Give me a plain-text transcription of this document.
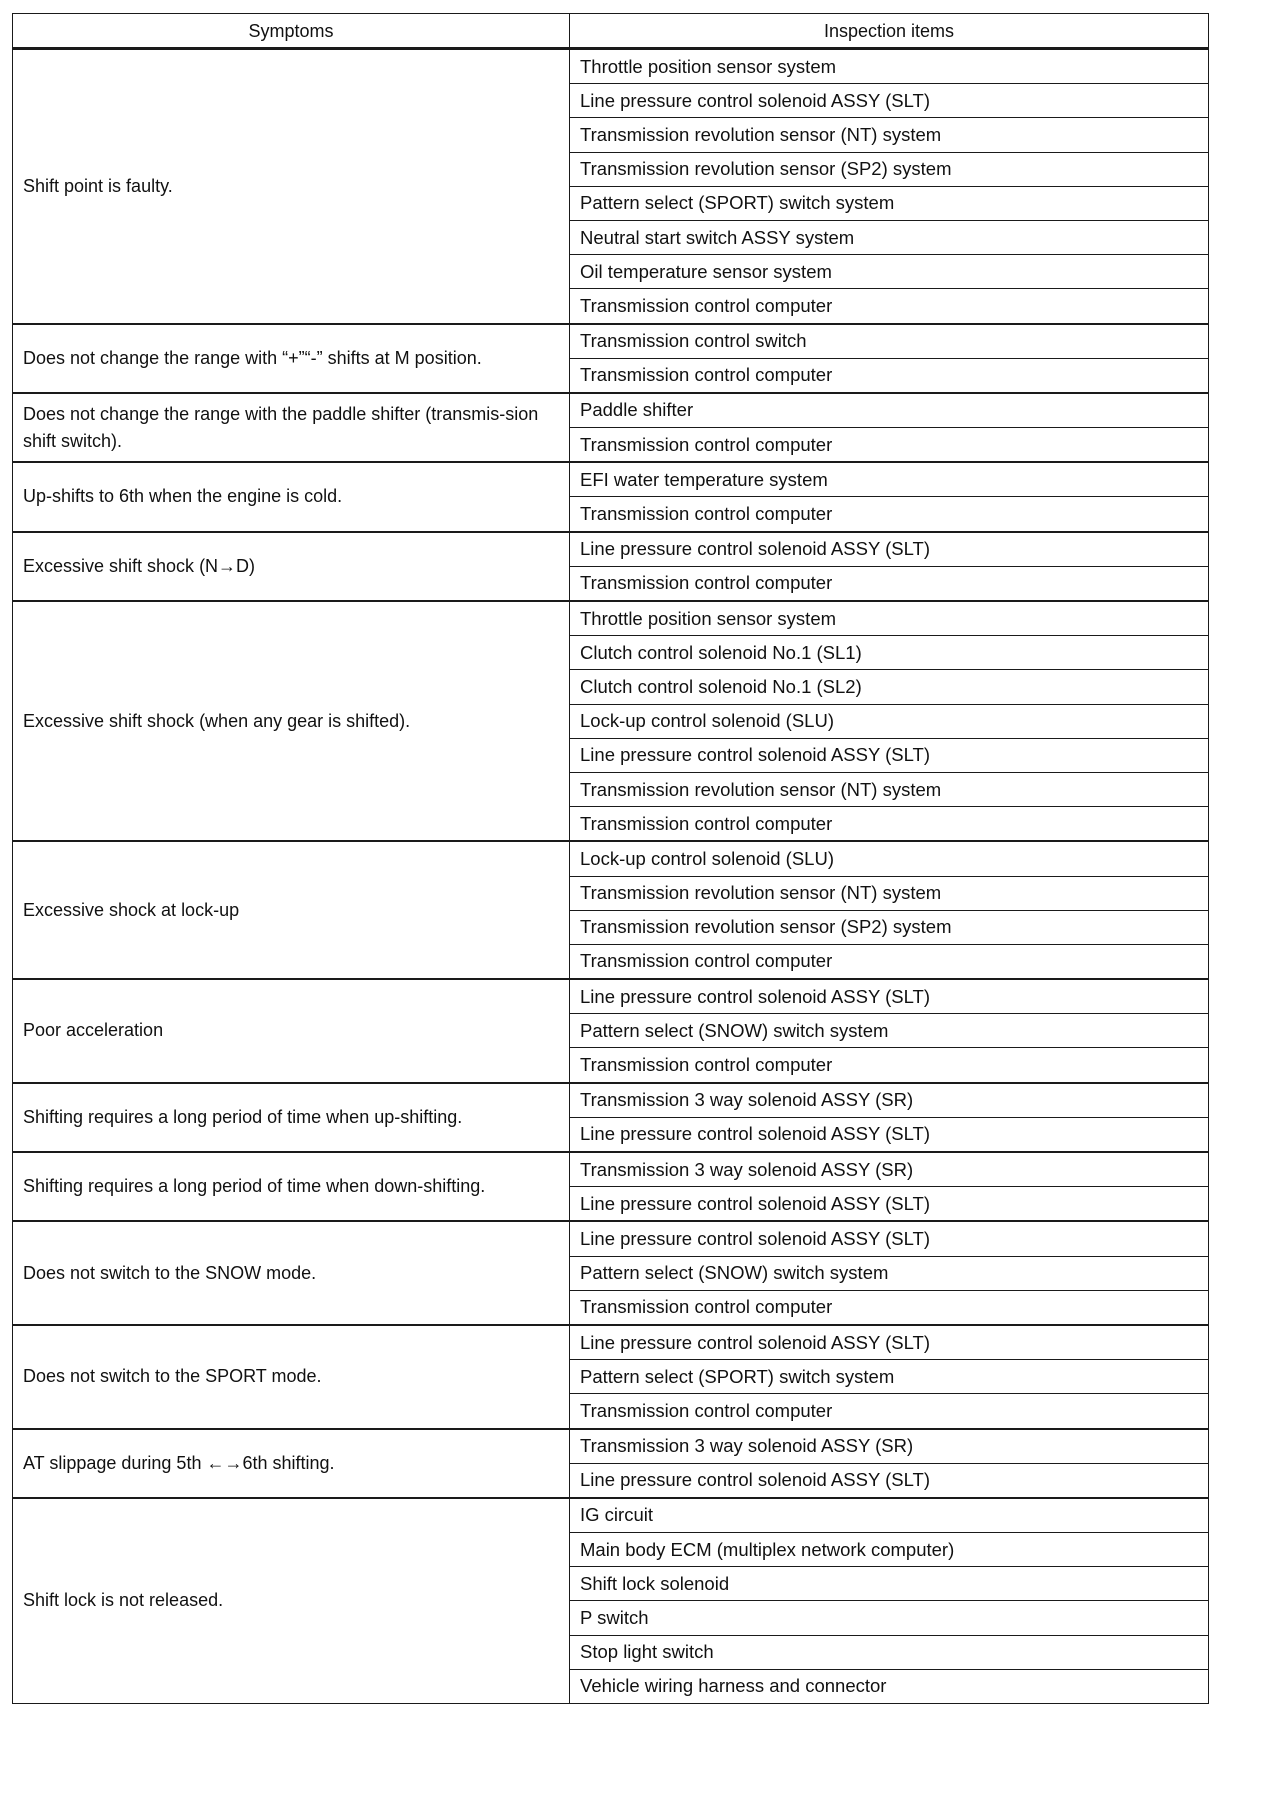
Symptoms	Inspection items
Shift point is faulty.	Throttle position sensor system
	Line pressure control solenoid ASSY (SLT)
	Transmission revolution sensor (NT) system
	Transmission revolution sensor (SP2) system
	Pattern select (SPORT) switch system
	Neutral start switch ASSY system
	Oil temperature sensor system
	Transmission control computer
Does not change the range with “+”“-” shifts at M position.	Transmission control switch
	Transmission control computer
Does not change the range with the paddle shifter (transmis-sion shift switch).	Paddle shifter
	Transmission control computer
Up-shifts to 6th when the engine is cold.	EFI water temperature system
	Transmission control computer
Excessive shift shock (N→D)	Line pressure control solenoid ASSY (SLT)
	Transmission control computer
Excessive shift shock (when any gear is shifted).	Throttle position sensor system
	Clutch control solenoid No.1 (SL1)
	Clutch control solenoid No.1 (SL2)
	Lock-up control solenoid (SLU)
	Line pressure control solenoid ASSY (SLT)
	Transmission revolution sensor (NT) system
	Transmission control computer
Excessive shock at lock-up	Lock-up control solenoid (SLU)
	Transmission revolution sensor (NT) system
	Transmission revolution sensor (SP2) system
	Transmission control computer
Poor acceleration	Line pressure control solenoid ASSY (SLT)
	Pattern select (SNOW) switch system
	Transmission control computer
Shifting requires a long period of time when up-shifting.	Transmission 3 way solenoid ASSY (SR)
	Line pressure control solenoid ASSY (SLT)
Shifting requires a long period of time when down-shifting.	Transmission 3 way solenoid ASSY (SR)
	Line pressure control solenoid ASSY (SLT)
Does not switch to the SNOW mode.	Line pressure control solenoid ASSY (SLT)
	Pattern select (SNOW) switch system
	Transmission control computer
Does not switch to the SPORT mode.	Line pressure control solenoid ASSY (SLT)
	Pattern select (SPORT) switch system
	Transmission control computer
AT slippage during 5th ←→6th shifting.	Transmission 3 way solenoid ASSY (SR)
	Line pressure control solenoid ASSY (SLT)
Shift lock is not released.	IG circuit
	Main body ECM (multiplex network computer)
	Shift lock solenoid
	P switch
	Stop light switch
	Vehicle wiring harness and connector
